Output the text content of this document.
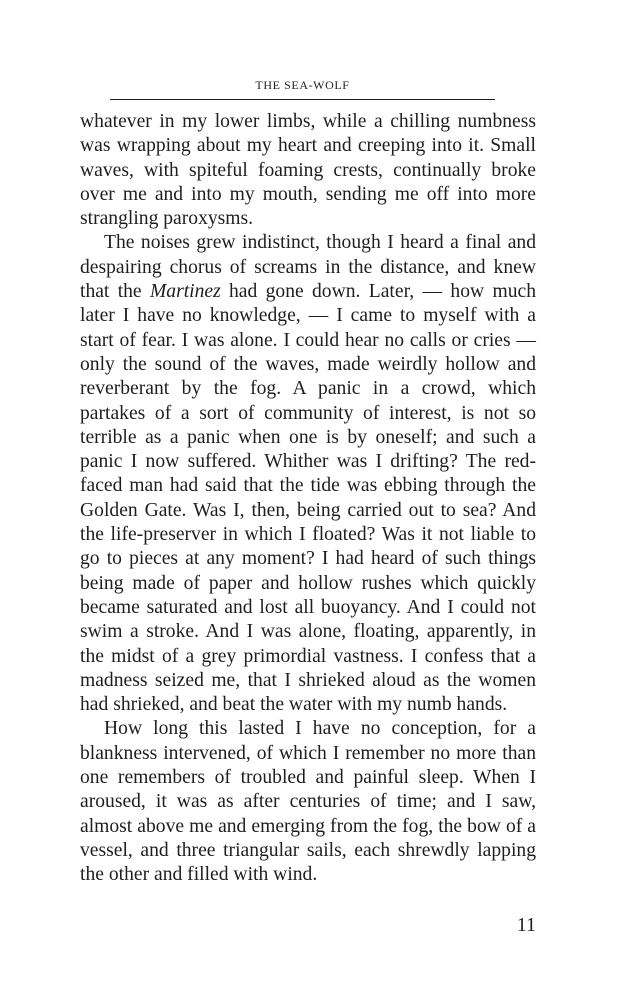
THE SEA-WOLF

whatever in my lower limbs, while a chilling numbness was wrapping about my heart and creeping into it. Small waves, with spiteful foaming crests, continually broke over me and into my mouth, sending me off into more strangling paroxysms.

The noises grew indistinct, though I heard a final and despairing chorus of screams in the distance, and knew that the Martinez had gone down. Later, — how much later I have no knowledge, — I came to myself with a start of fear. I was alone. I could hear no calls or cries — only the sound of the waves, made weirdly hollow and reverberant by the fog. A panic in a crowd, which partakes of a sort of community of interest, is not so terrible as a panic when one is by oneself; and such a panic I now suffered. Whither was I drifting? The red-faced man had said that the tide was ebbing through the Golden Gate. Was I, then, being carried out to sea? And the life-preserver in which I floated? Was it not liable to go to pieces at any moment? I had heard of such things being made of paper and hollow rushes which quickly became saturated and lost all buoyancy. And I could not swim a stroke. And I was alone, floating, apparently, in the midst of a grey primordial vastness. I confess that a madness seized me, that I shrieked aloud as the women had shrieked, and beat the water with my numb hands.

How long this lasted I have no conception, for a blankness intervened, of which I remember no more than one remembers of troubled and painful sleep. When I aroused, it was as after centuries of time; and I saw, almost above me and emerging from the fog, the bow of a vessel, and three triangular sails, each shrewdly lapping the other and filled with wind.

11
